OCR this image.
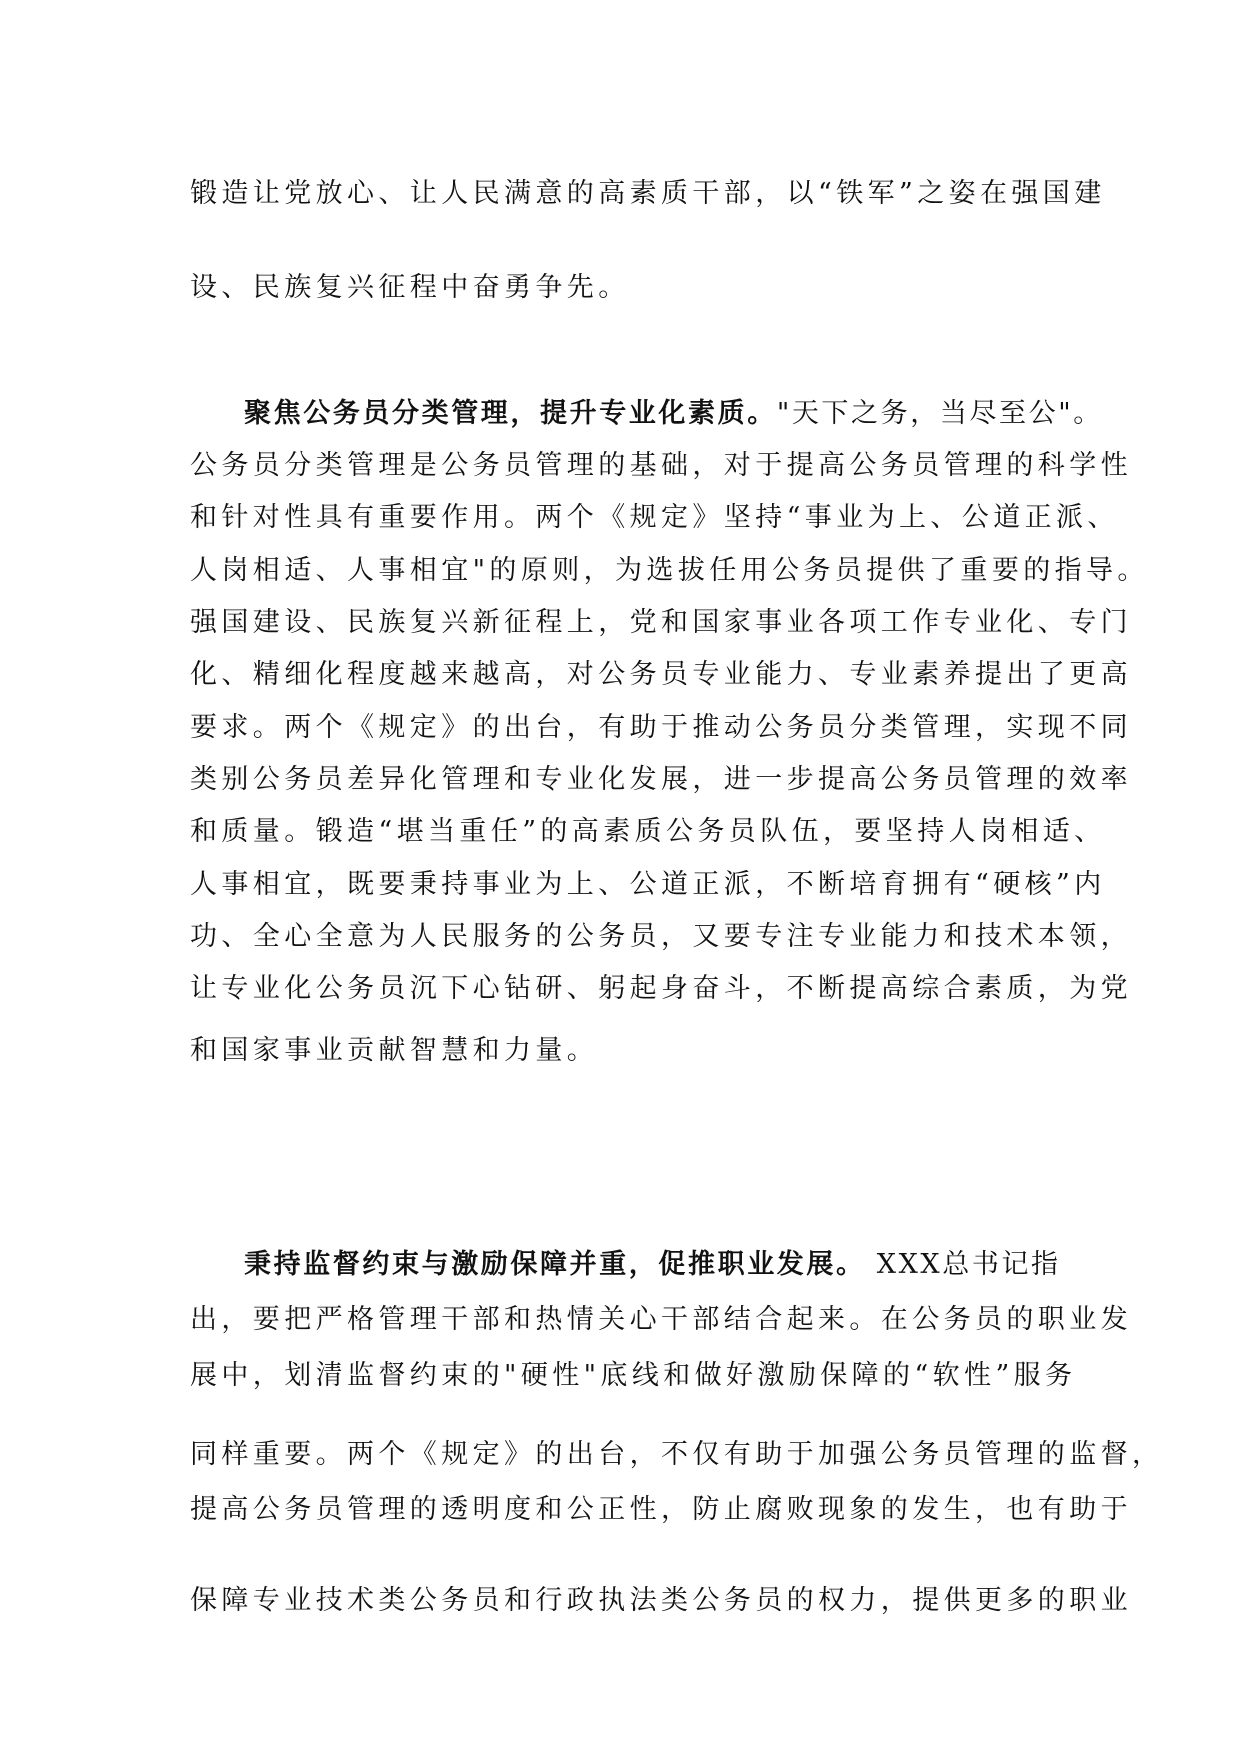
锻造让党放心、让人民满意的高素质干部，以“铁军”之姿在强国建
设、民族复兴征程中奋勇争先。
聚焦公务员分类管理，提升专业化素质。"天下之务，当尽至公"。
公务员分类管理是公务员管理的基础，对于提高公务员管理的科学性
和针对性具有重要作用。两个《规定》坚持“事业为上、公道正派、
人岗相适、人事相宜"的原则，为选拔任用公务员提供了重要的指导。
强国建设、民族复兴新征程上，党和国家事业各项工作专业化、专门
化、精细化程度越来越高，对公务员专业能力、专业素养提出了更高
要求。两个《规定》的出台，有助于推动公务员分类管理，实现不同
类别公务员差异化管理和专业化发展，进一步提高公务员管理的效率
和质量。锻造“堪当重任”的高素质公务员队伍，要坚持人岗相适、
人事相宜，既要秉持事业为上、公道正派，不断培育拥有“硬核”内
功、全心全意为人民服务的公务员，又要专注专业能力和技术本领，
让专业化公务员沉下心钻研、躬起身奋斗，不断提高综合素质，为党
和国家事业贡献智慧和力量。
秉持监督约束与激励保障并重，促推职业发展。 XXX总书记指
出，要把严格管理干部和热情关心干部结合起来。在公务员的职业发
展中，划清监督约束的"硬性"底线和做好激励保障的“软性”服务
同样重要。两个《规定》的出台，不仅有助于加强公务员管理的监督，
提高公务员管理的透明度和公正性，防止腐败现象的发生，也有助于
保障专业技术类公务员和行政执法类公务员的权力，提供更多的职业
